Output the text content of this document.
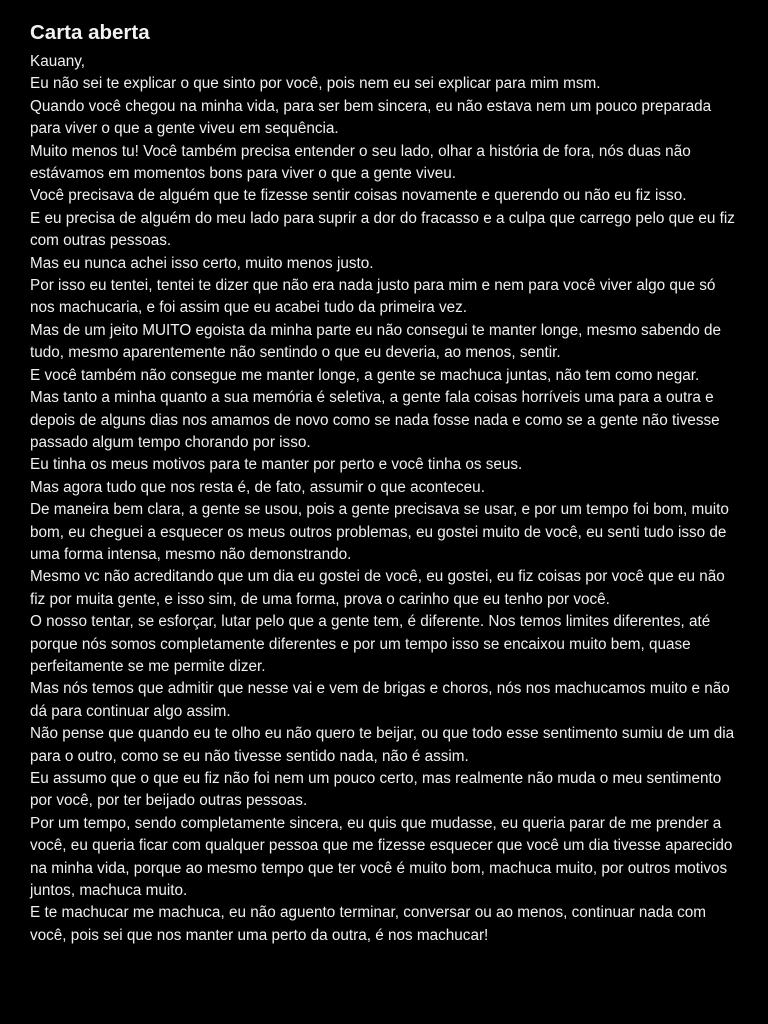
Carta aberta

Kauany,

Eu não sei te explicar o que sinto por você, pois nem eu sei explicar para mim msm.

Quando você chegou na minha vida, para ser bem sincera, eu não estava nem um pouco preparada para viver o que a gente viveu em sequência.

Muito menos tu! Você também precisa entender o seu lado, olhar a história de fora, nós duas não estávamos em momentos bons para viver o que a gente viveu.

Você precisava de alguém que te fizesse sentir coisas novamente e querendo ou não eu fiz isso.

E eu precisa de alguém do meu lado para suprir a dor do fracasso e a culpa que carrego pelo que eu fiz com outras pessoas.

Mas eu nunca achei isso certo, muito menos justo.

Por isso eu tentei, tentei te dizer que não era nada justo para mim e nem para você viver algo que só nos machucaria, e foi assim que eu acabei tudo da primeira vez.

Mas de um jeito MUITO egoista da minha parte eu não consegui te manter longe, mesmo sabendo de tudo, mesmo aparentemente não sentindo o que eu deveria, ao menos, sentir.

E você também não consegue me manter longe, a gente se machuca juntas, não tem como negar.

Mas tanto a minha quanto a sua memória é seletiva, a gente fala coisas horríveis uma para a outra e depois de alguns dias nos amamos de novo como se nada fosse nada e como se a gente não tivesse passado algum tempo chorando por isso.

Eu tinha os meus motivos para te manter por perto e você tinha os seus.

Mas agora tudo que nos resta é, de fato, assumir o que aconteceu.

De maneira bem clara, a gente se usou, pois a gente precisava se usar, e por um tempo foi bom, muito bom, eu cheguei a esquecer os meus outros problemas, eu gostei muito de você, eu senti tudo isso de uma forma intensa, mesmo não demonstrando.

Mesmo vc não acreditando que um dia eu gostei de você, eu gostei, eu fiz coisas por você que eu não fiz por muita gente, e isso sim, de uma forma, prova o carinho que eu tenho por você.

O nosso tentar, se esforçar, lutar pelo que a gente tem, é diferente. Nos temos limites diferentes, até porque nós somos completamente diferentes e por um tempo isso se encaixou muito bem, quase perfeitamente se me permite dizer.

Mas nós temos que admitir que nesse vai e vem de brigas e choros, nós nos machucamos muito e não dá para continuar algo assim.

Não pense que quando eu te olho eu não quero te beijar, ou que todo esse sentimento sumiu de um dia para o outro, como se eu não tivesse sentido nada, não é assim.

Eu assumo que o que eu fiz não foi nem um pouco certo, mas realmente não muda o meu sentimento por você, por ter beijado outras pessoas.

Por um tempo, sendo completamente sincera, eu quis que mudasse, eu queria parar de me prender a você, eu queria ficar com qualquer pessoa que me fizesse esquecer que você um dia tivesse aparecido na minha vida, porque ao mesmo tempo que ter você é muito bom, machuca muito, por outros motivos juntos, machuca muito.

E te machucar me machuca, eu não aguento terminar, conversar ou ao menos, continuar nada com você, pois sei que nos manter uma perto da outra, é nos machucar!
